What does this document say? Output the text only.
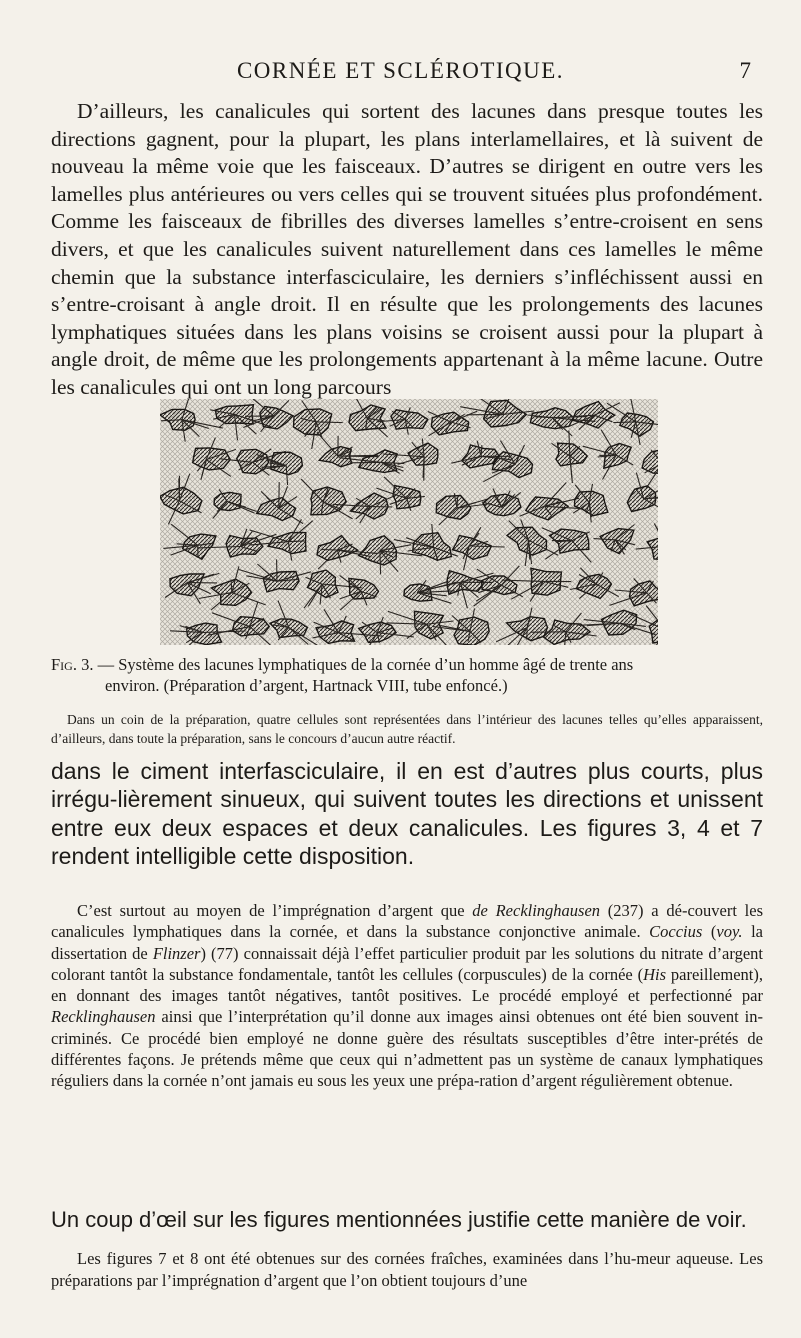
CORNÉE ET SCLÉROTIQUE.	7

D’ailleurs, les canalicules qui sortent des lacunes dans presque toutes les directions gagnent, pour la plupart, les plans interlamellaires, et là suivent de nouveau la même voie que les faisceaux. D’autres se dirigent en outre vers les lamelles plus antérieures ou vers celles qui se trouvent situées plus profondément. Comme les faisceaux de fibrilles des diverses lamelles s’entre-croisent en sens divers, et que les canalicules suivent naturellement dans ces lamelles le même chemin que la substance interfasciculaire, les derniers s’infléchissent aussi en s’entre-croisant à angle droit. Il en résulte que les prolongements des lacunes lymphatiques situées dans les plans voisins se croisent aussi pour la plupart à angle droit, de même que les prolongements appartenant à la même lacune. Outre les canalicules qui ont un long parcours

Fig. 3. — Système des lacunes lymphatiques de la cornée d’un homme âgé de trente ans
environ. (Préparation d’argent, Hartnack VIII, tube enfoncé.)

Dans un coin de la préparation, quatre cellules sont représentées dans l’intérieur des lacunes telles qu’elles apparaissent, d’ailleurs, dans toute la préparation, sans le concours d’aucun autre réactif.

dans le ciment interfasciculaire, il en est d’autres plus courts, plus irrégu-lièrement sinueux, qui suivent toutes les directions et unissent entre eux deux espaces et deux canalicules. Les figures 3, 4 et 7 rendent intelligible cette disposition.

C’est surtout au moyen de l’imprégnation d’argent que de Recklinghausen (237) a dé-couvert les canalicules lymphatiques dans la cornée, et dans la substance conjonctive animale. Coccius (voy. la dissertation de Flinzer) (77) connaissait déjà l’effet particulier produit par les solutions du nitrate d’argent colorant tantôt la substance fondamentale, tantôt les cellules (corpuscules) de la cornée (His pareillement), en donnant des images tantôt négatives, tantôt positives. Le procédé employé et perfectionné par Recklinghausen ainsi que l’interprétation qu’il donne aux images ainsi obtenues ont été bien souvent in-criminés. Ce procédé bien employé ne donne guère des résultats susceptibles d’être inter-prétés de différentes façons. Je prétends même que ceux qui n’admettent pas un système de canaux lymphatiques réguliers dans la cornée n’ont jamais eu sous les yeux une prépa-ration d’argent régulièrement obtenue.

Un coup d’œil sur les figures mentionnées justifie cette manière de voir.

Les figures 7 et 8 ont été obtenues sur des cornées fraîches, examinées dans l’hu-meur aqueuse. Les préparations par l’imprégnation d’argent que l’on obtient toujours d’une
